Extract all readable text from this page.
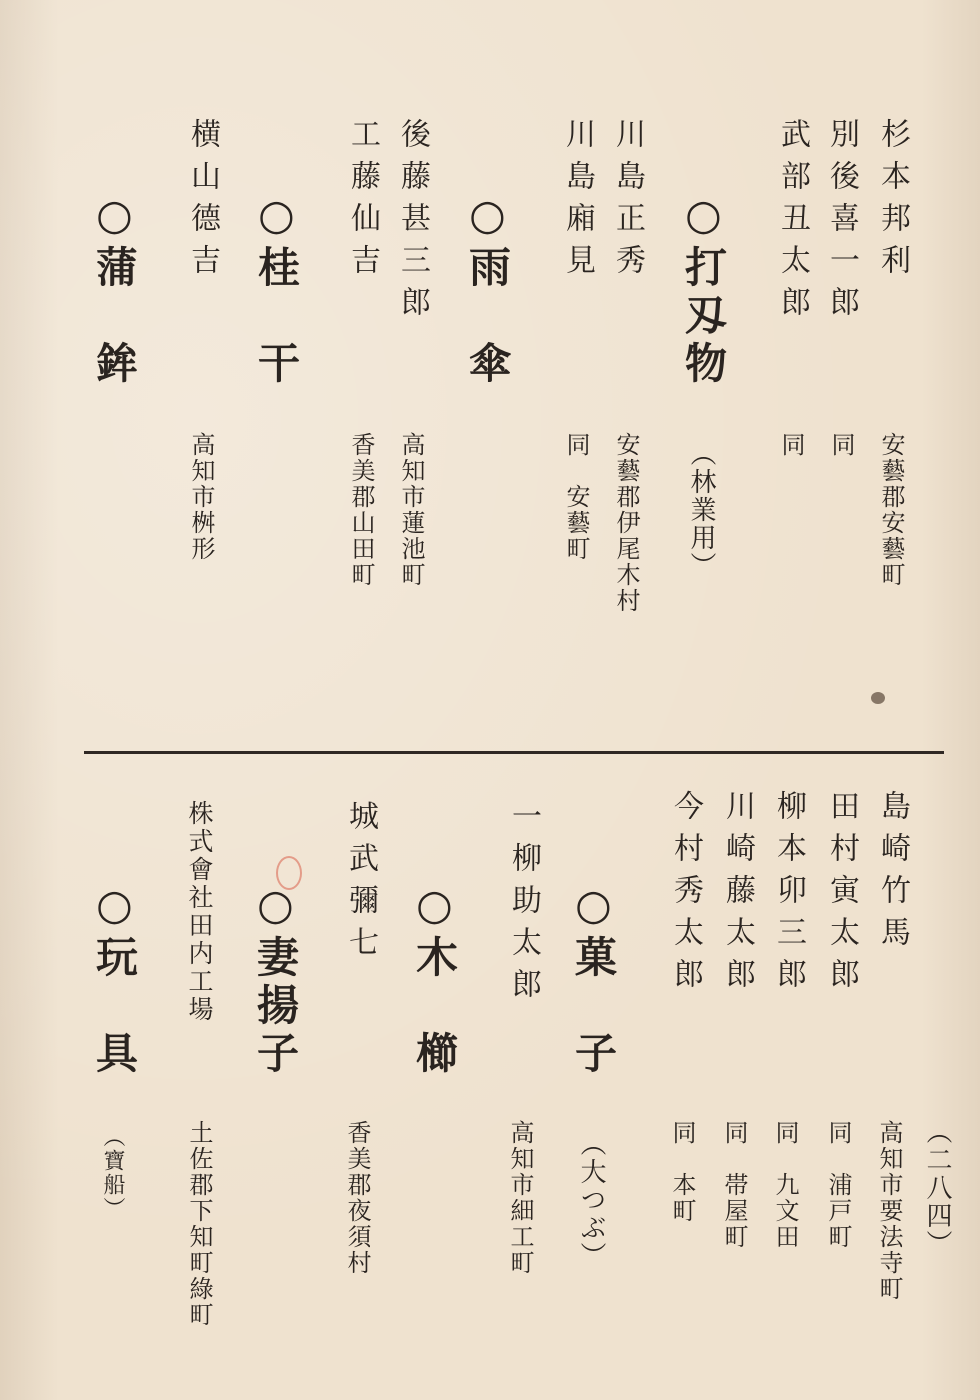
（二八四）
杉本邦利
安藝郡安藝町
別後喜一郎
同
武部丑太郎
同
○打刄物
（林業用）
川島正秀
安藝郡伊尾木村
川島廂見
同　安藝町
○雨　傘
後藤甚三郎
高知市蓮池町
工藤仙吉
香美郡山田町
○桂　干
横山德吉
高知市桝形
○蒲　鉾
島崎竹馬
高知市要法寺町
田村寅太郎
同　浦戸町
柳本卯三郎
同　九文田
川崎藤太郎
同　帯屋町
今村秀太郎
同　本町
○菓　子
（大つぶ）
一柳助太郎
高知市細工町
○木　櫛
城武彌七
香美郡夜須村
○妻揚子
株式會社田内工場
土佐郡下知町綠町
○玩　具
（寶船）
